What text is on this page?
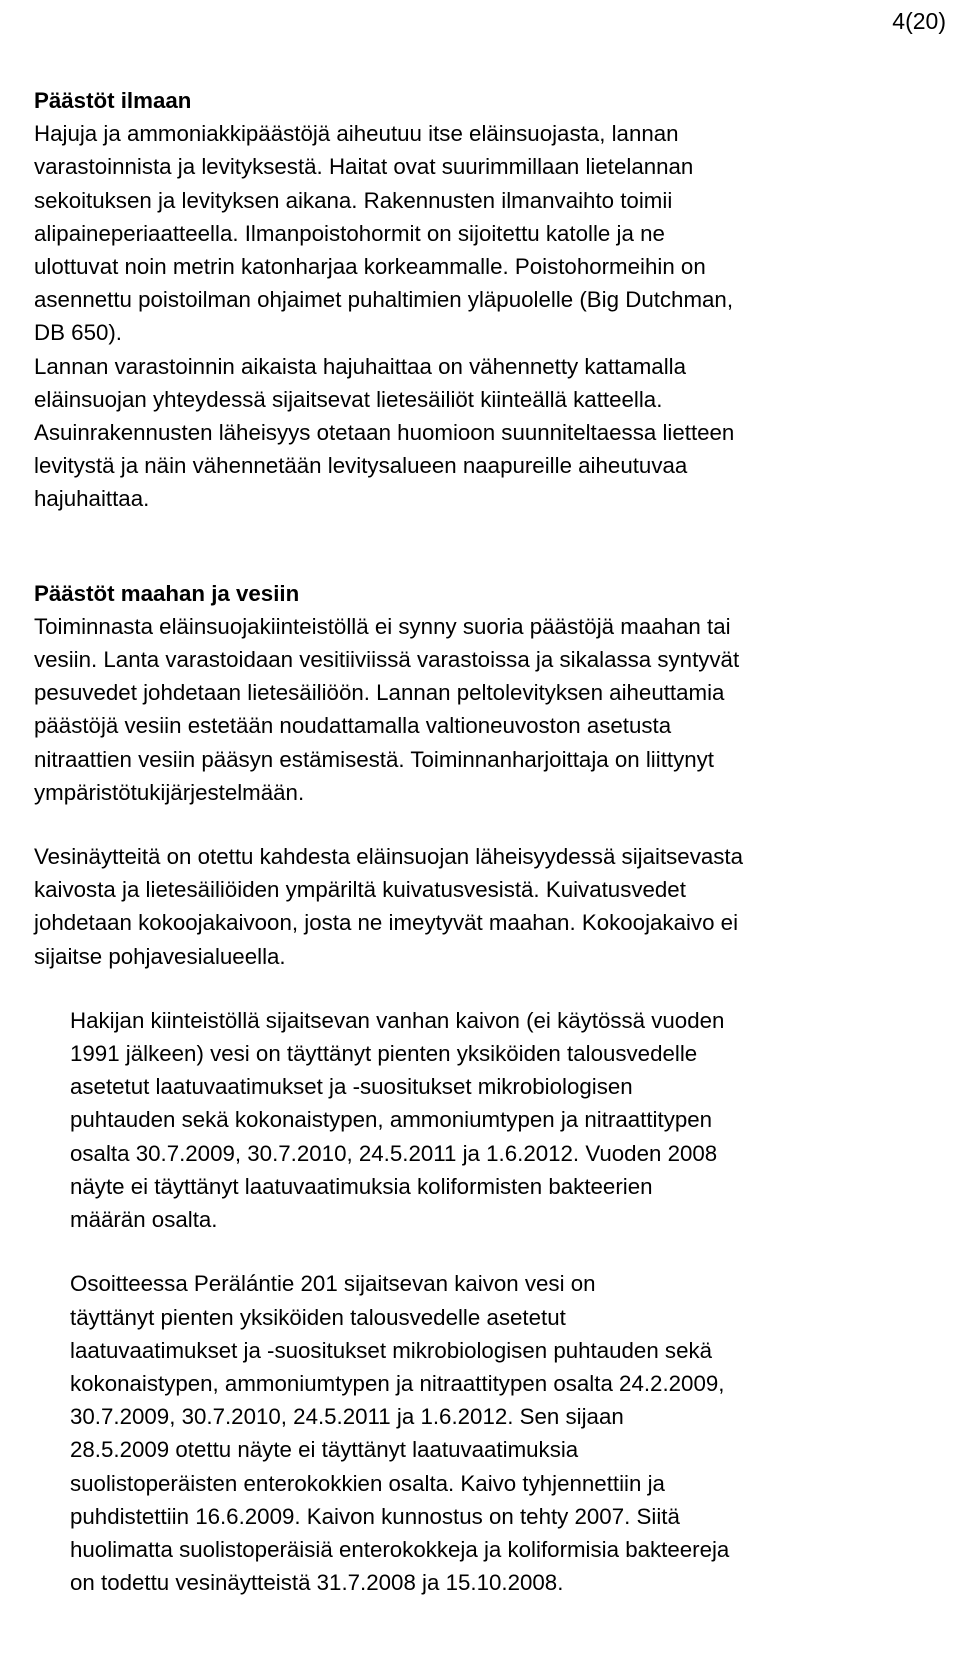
4(20)

Päästöt ilmaan
Hajuja ja ammoniakkipäästöjä aiheutuu itse eläinsuojasta, lannan
varastoinnista ja levityksestä. Haitat ovat suurimmillaan lietelannan
sekoituksen ja levityksen aikana. Rakennusten ilmanvaihto toimii
alipaineperiaatteella. Ilmanpoistohormit on sijoitettu katolle ja ne
ulottuvat noin metrin katonharjaa korkeammalle. Poistohormeihin on
asennettu poistoilman ohjaimet puhaltimien yläpuolelle (Big Dutchman,
DB 650).
Lannan varastoinnin aikaista hajuhaittaa on vähennetty kattamalla
eläinsuojan yhteydessä sijaitsevat lietesäiliöt kiinteällä katteella.
Asuinrakennusten läheisyys otetaan huomioon suunniteltaessa lietteen
levitystä ja näin vähennetään levitysalueen naapureille aiheutuvaa
hajuhaittaa.

Päästöt maahan ja vesiin
Toiminnasta eläinsuojakiinteistöllä ei synny suoria päästöjä maahan tai
vesiin. Lanta varastoidaan vesitiiviissä varastoissa ja sikalassa syntyvät
pesuvedet johdetaan lietesäiliöön. Lannan peltolevityksen aiheuttamia
päästöjä vesiin estetään noudattamalla valtioneuvoston asetusta
nitraattien vesiin pääsyn estämisestä. Toiminnanharjoittaja on liittynyt
ympäristötukijärjestelmään.

Vesinäytteitä on otettu kahdesta eläinsuojan läheisyydessä sijaitsevasta
kaivosta ja lietesäiliöiden ympäriltä kuivatusvesistä. Kuivatusvedet
johdetaan kokoojakaivoon, josta ne imeytyvät maahan. Kokoojakaivo ei
sijaitse pohjavesialueella.

Hakijan kiinteistöllä sijaitsevan vanhan kaivon (ei käytössä vuoden
1991 jälkeen) vesi on täyttänyt pienten yksiköiden talousvedelle
asetetut laatuvaatimukset ja -suositukset mikrobiologisen
puhtauden sekä kokonaistypen, ammoniumtypen ja nitraattitypen
osalta 30.7.2009, 30.7.2010, 24.5.2011 ja 1.6.2012. Vuoden 2008
näyte ei täyttänyt laatuvaatimuksia koliformisten bakteerien
määrän osalta.

Osoitteessa Perälántie 201 sijaitsevan kaivon vesi on
täyttänyt pienten yksiköiden talousvedelle asetetut
laatuvaatimukset ja -suositukset mikrobiologisen puhtauden sekä
kokonaistypen, ammoniumtypen ja nitraattitypen osalta 24.2.2009,
30.7.2009, 30.7.2010, 24.5.2011 ja 1.6.2012. Sen sijaan
28.5.2009 otettu näyte ei täyttänyt laatuvaatimuksia
suolistoperäisten enterokokkien osalta. Kaivo tyhjennettiin ja
puhdistettiin 16.6.2009. Kaivon kunnostus on tehty 2007. Siitä
huolimatta suolistoperäisiä enterokokkeja ja koliformisia bakteereja
on todettu vesinäytteistä 31.7.2008 ja 15.10.2008.
